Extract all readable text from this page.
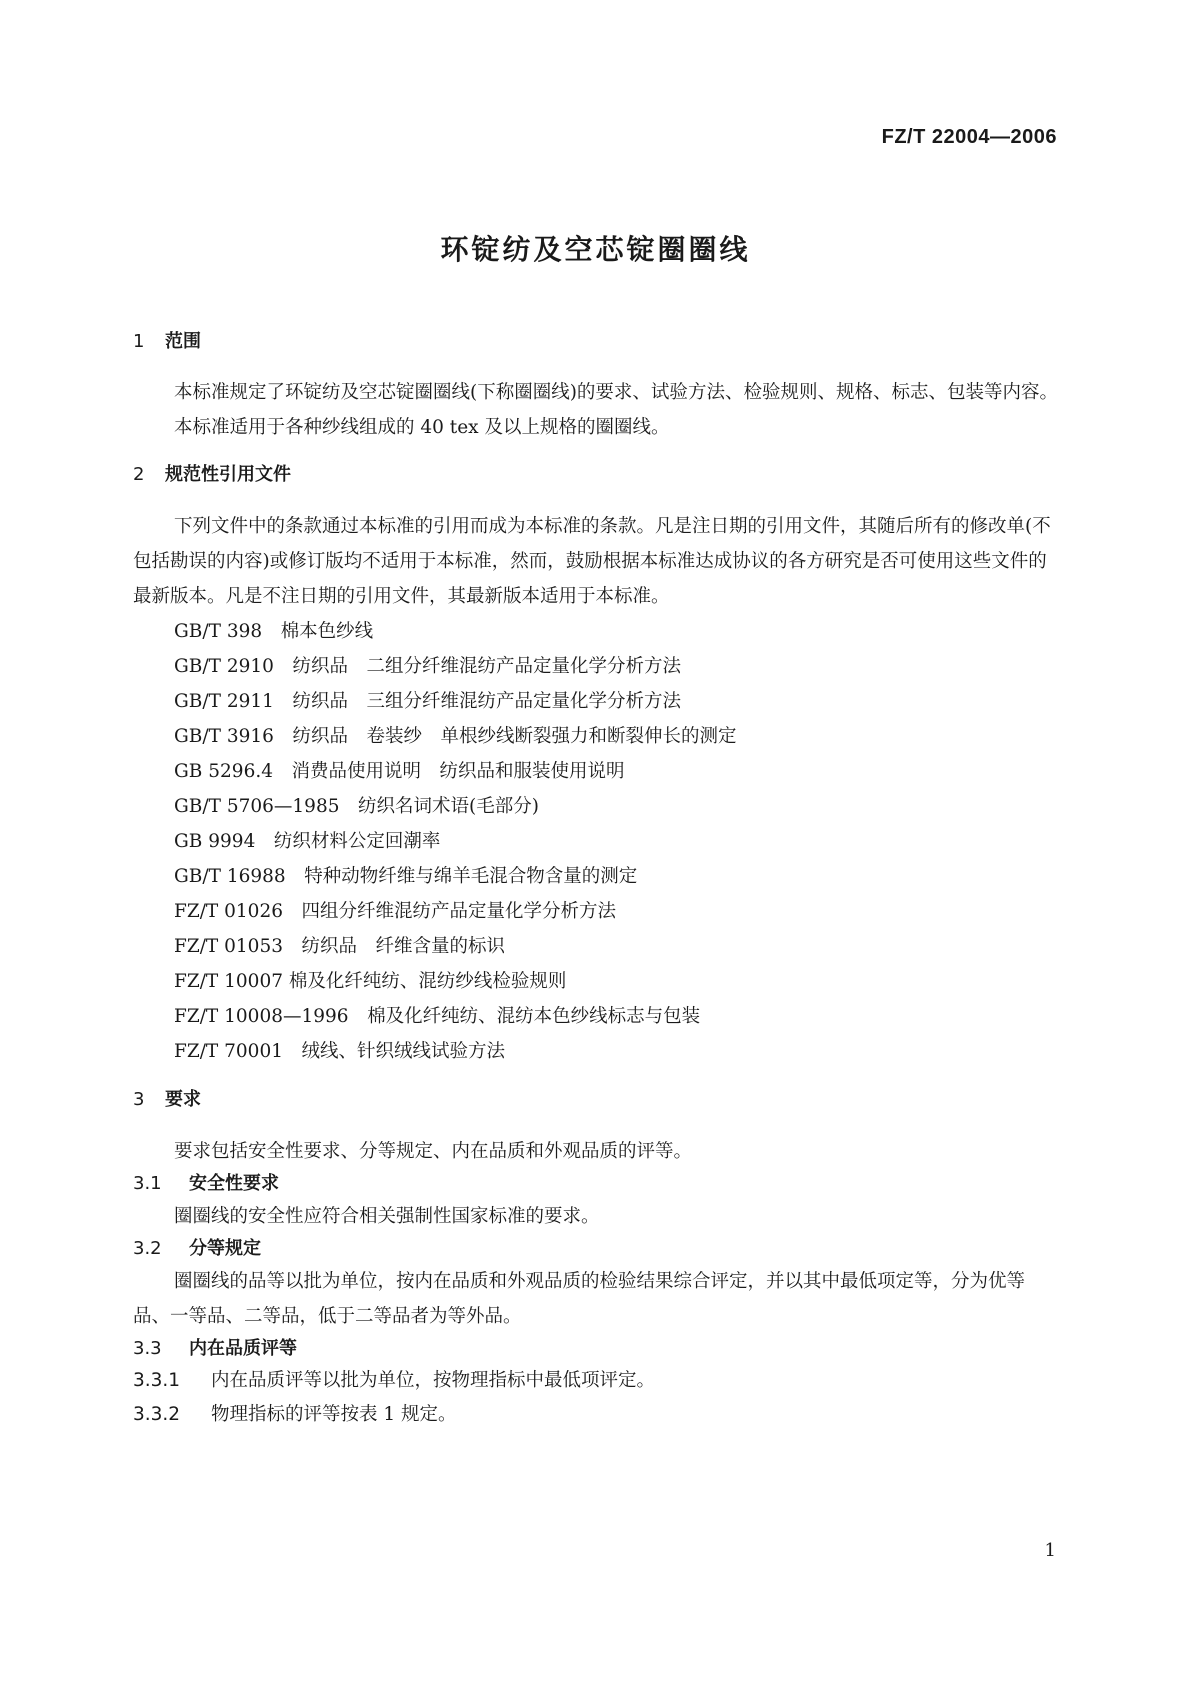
FZ/T 22004—2006
环锭纺及空芯锭圈圈线
1 范围

本标准规定了环锭纺及空芯锭圈圈线(下称圈圈线)的要求、试验方法、检验规则、规格、标志、包装等内容。

本标准适用于各种纱线组成的 40 tex 及以上规格的圈圈线。

2 规范性引用文件

下列文件中的条款通过本标准的引用而成为本标准的条款。凡是注日期的引用文件，其随后所有的修改单(不包括勘误的内容)或修订版均不适用于本标准，然而，鼓励根据本标准达成协议的各方研究是否可使用这些文件的最新版本。凡是不注日期的引用文件，其最新版本适用于本标准。

GB/T 398　 棉本色纱线
GB/T 2910　 纺织品　二组分纤维混纺产品定量化学分析方法
GB/T 2911　 纺织品　三组分纤维混纺产品定量化学分析方法
GB/T 3916　 纺织品　卷装纱　单根纱线断裂强力和断裂伸长的测定
GB 5296.4　 消费品使用说明　纺织品和服装使用说明
GB/T 5706—1985　 纺织名词术语(毛部分)
GB 9994　 纺织材料公定回潮率
GB/T 16988　 特种动物纤维与绵羊毛混合物含量的测定
FZ/T 01026　 四组分纤维混纺产品定量化学分析方法
FZ/T 01053　 纺织品　纤维含量的标识
FZ/T 10007 棉及化纤纯纺、混纺纱线检验规则
FZ/T 10008—1996　 棉及化纤纯纺、混纺本色纱线标志与包装
FZ/T 70001　 绒线、针织绒线试验方法
3 要求

要求包括安全性要求、分等规定、内在品质和外观品质的评等。

3.1 安全性要求

圈圈线的安全性应符合相关强制性国家标准的要求。

3.2 分等规定

圈圈线的品等以批为单位，按内在品质和外观品质的检验结果综合评定，并以其中最低项定等，分为优等品、一等品、二等品，低于二等品者为等外品。

3.3 内在品质评等
3.3.1 内在品质评等以批为单位，按物理指标中最低项评定。
3.3.2 物理指标的评等按表 1 规定。
1
